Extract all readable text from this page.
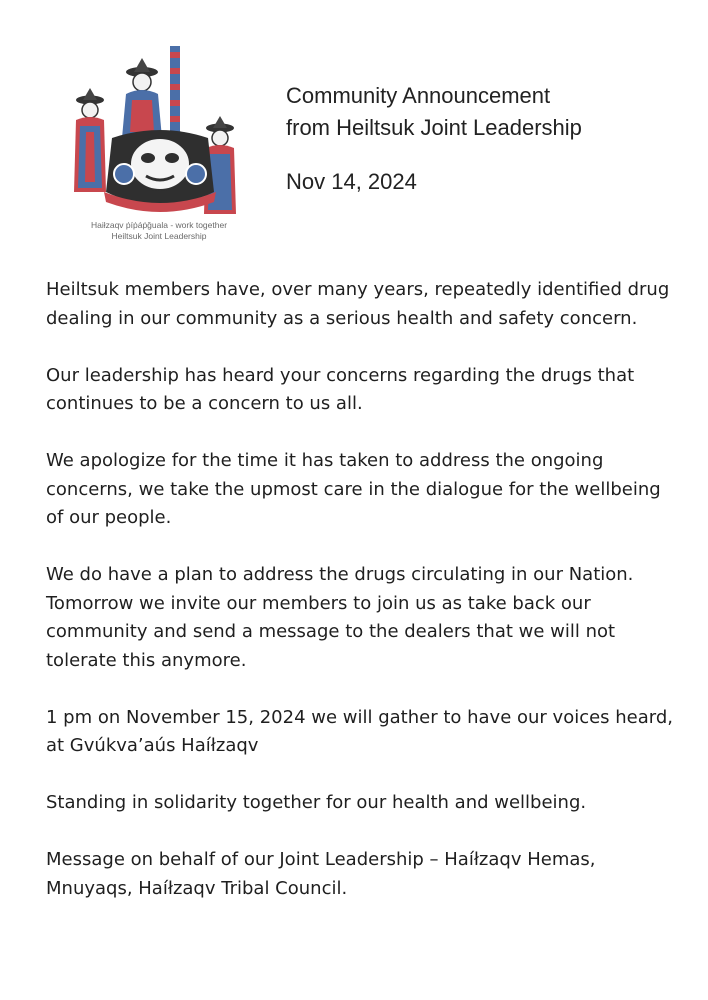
Haiłzaqv ṗíṗáṗǧuala - work together
Heiltsuk Joint Leadership
Community Announcement
from Heiltsuk Joint Leadership
Nov 14, 2024

Heiltsuk members have, over many years, repeatedly identified drug dealing in our community as a serious health and safety concern.

Our leadership has heard your concerns regarding the drugs that continues to be a concern to us all.

We apologize for the time it has taken to address the ongoing concerns, we take the upmost care in the dialogue for the wellbeing of our people.

We do have a plan to address the drugs circulating in our Nation. Tomorrow we invite our members to join us as take back our community and send a message to the dealers that we will not tolerate this anymore.

1 pm on November 15, 2024 we will gather to have our voices heard, at Gvúkva’aús Haíłzaqv

Standing in solidarity together for our health and wellbeing.

Message on behalf of our Joint Leadership – Haíłzaqv Hemas, Mnuyaqs, Haíłzaqv Tribal Council.
